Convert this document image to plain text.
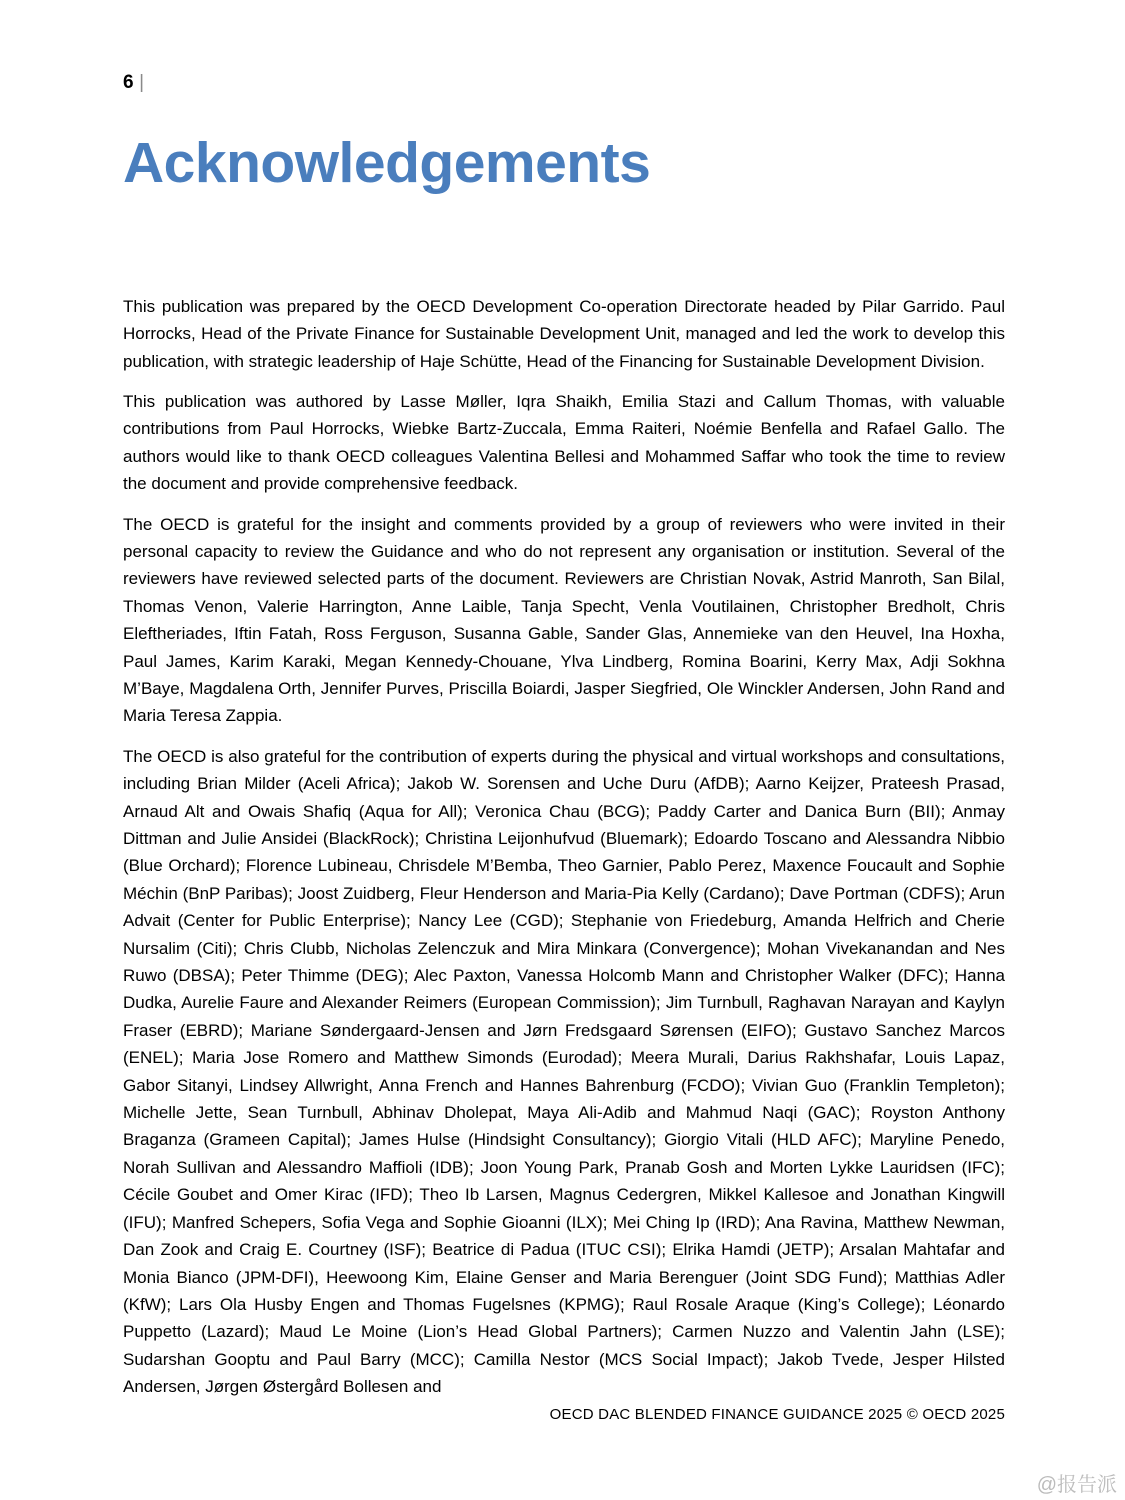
6 |
Acknowledgements

This publication was prepared by the OECD Development Co-operation Directorate headed by Pilar Garrido. Paul Horrocks, Head of the Private Finance for Sustainable Development Unit, managed and led the work to develop this publication, with strategic leadership of Haje Schütte, Head of the Financing for Sustainable Development Division.

This publication was authored by Lasse Møller, Iqra Shaikh, Emilia Stazi and Callum Thomas, with valuable contributions from Paul Horrocks, Wiebke Bartz-Zuccala, Emma Raiteri, Noémie Benfella and Rafael Gallo. The authors would like to thank OECD colleagues Valentina Bellesi and Mohammed Saffar who took the time to review the document and provide comprehensive feedback.

The OECD is grateful for the insight and comments provided by a group of reviewers who were invited in their personal capacity to review the Guidance and who do not represent any organisation or institution. Several of the reviewers have reviewed selected parts of the document. Reviewers are Christian Novak, Astrid Manroth, San Bilal, Thomas Venon, Valerie Harrington, Anne Laible, Tanja Specht, Venla Voutilainen, Christopher Bredholt, Chris Eleftheriades, Iftin Fatah, Ross Ferguson, Susanna Gable, Sander Glas, Annemieke van den Heuvel, Ina Hoxha, Paul James, Karim Karaki, Megan Kennedy-Chouane, Ylva Lindberg, Romina Boarini, Kerry Max, Adji Sokhna M’Baye, Magdalena Orth, Jennifer Purves, Priscilla Boiardi, Jasper Siegfried, Ole Winckler Andersen, John Rand and Maria Teresa Zappia.

The OECD is also grateful for the contribution of experts during the physical and virtual workshops and consultations, including Brian Milder (Aceli Africa); Jakob W. Sorensen and Uche Duru (AfDB); Aarno Keijzer, Prateesh Prasad, Arnaud Alt and Owais Shafiq (Aqua for All); Veronica Chau (BCG); Paddy Carter and Danica Burn (BII); Anmay Dittman and Julie Ansidei (BlackRock); Christina Leijonhufvud (Bluemark); Edoardo Toscano and Alessandra Nibbio (Blue Orchard); Florence Lubineau, Chrisdele M’Bemba, Theo Garnier, Pablo Perez, Maxence Foucault and Sophie Méchin (BnP Paribas); Joost Zuidberg, Fleur Henderson and Maria-Pia Kelly (Cardano); Dave Portman (CDFS); Arun Advait (Center for Public Enterprise); Nancy Lee (CGD); Stephanie von Friedeburg, Amanda Helfrich and Cherie Nursalim (Citi); Chris Clubb, Nicholas Zelenczuk and Mira Minkara (Convergence); Mohan Vivekanandan and Nes Ruwo (DBSA); Peter Thimme (DEG); Alec Paxton, Vanessa Holcomb Mann and Christopher Walker (DFC); Hanna Dudka, Aurelie Faure and Alexander Reimers (European Commission); Jim Turnbull, Raghavan Narayan and Kaylyn Fraser (EBRD); Mariane Søndergaard-Jensen and Jørn Fredsgaard Sørensen (EIFO); Gustavo Sanchez Marcos (ENEL); Maria Jose Romero and Matthew Simonds (Eurodad); Meera Murali, Darius Rakhshafar, Louis Lapaz, Gabor Sitanyi, Lindsey Allwright, Anna French and Hannes Bahrenburg (FCDO); Vivian Guo (Franklin Templeton); Michelle Jette, Sean Turnbull, Abhinav Dholepat, Maya Ali-Adib and Mahmud Naqi (GAC); Royston Anthony Braganza (Grameen Capital); James Hulse (Hindsight Consultancy); Giorgio Vitali (HLD AFC); Maryline Penedo, Norah Sullivan and Alessandro Maffioli (IDB); Joon Young Park, Pranab Gosh and Morten Lykke Lauridsen (IFC); Cécile Goubet and Omer Kirac (IFD); Theo Ib Larsen, Magnus Cedergren, Mikkel Kallesoe and Jonathan Kingwill (IFU); Manfred Schepers, Sofia Vega and Sophie Gioanni (ILX); Mei Ching Ip (IRD); Ana Ravina, Matthew Newman, Dan Zook and Craig E. Courtney (ISF); Beatrice di Padua (ITUC CSI); Elrika Hamdi (JETP); Arsalan Mahtafar and Monia Bianco (JPM-DFI), Heewoong Kim, Elaine Genser and Maria Berenguer (Joint SDG Fund); Matthias Adler (KfW); Lars Ola Husby Engen and Thomas Fugelsnes (KPMG); Raul Rosale Araque (King’s College); Léonardo Puppetto (Lazard); Maud Le Moine (Lion’s Head Global Partners); Carmen Nuzzo and Valentin Jahn (LSE); Sudarshan Gooptu and Paul Barry (MCC); Camilla Nestor (MCS Social Impact); Jakob Tvede, Jesper Hilsted Andersen, Jørgen Østergård Bollesen and

OECD DAC BLENDED FINANCE GUIDANCE 2025 © OECD 2025
@报告派
